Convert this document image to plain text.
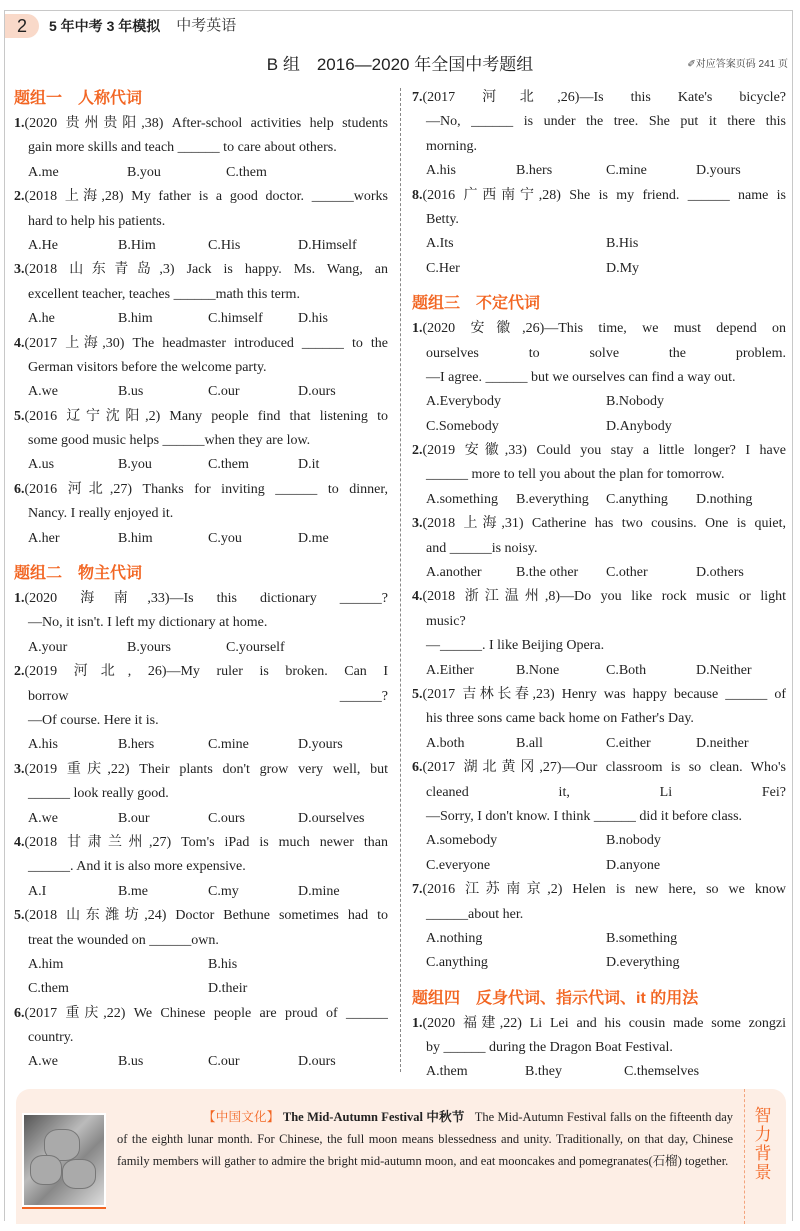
2	5 年中考 3 年模拟 中考英语
B 组　2016—2020 年全国中考题组	✐对应答案页码 241 页
题组一　人称代词
1.(2020 贵州贵阳,38) After-school activities help students
gain more skills and teach ______ to care about others.
A.me	B.you	C.them
2.(2018 上海,28) My father is a good doctor. ______works
hard to help his patients.
A.He	B.Him	C.His	D.Himself
3.(2018 山东青岛,3) Jack is happy. Ms. Wang, an
excellent teacher, teaches ______math this term.
A.he	B.him	C.himself	D.his
4.(2017 上海,30) The headmaster introduced ______ to the
German visitors before the welcome party.
A.we	B.us	C.our	D.ours
5.(2016 辽宁沈阳,2) Many people find that listening to
some good music helps ______when they are low.
A.us	B.you	C.them	D.it
6.(2016 河北,27) Thanks for inviting ______ to dinner,
Nancy. I really enjoyed it.
A.her	B.him	C.you	D.me
题组二　物主代词
1.(2020 海南,33)—Is this dictionary ______?
—No, it isn't. I left my dictionary at home.
A.your	B.yours	C.yourself
2.(2019 河北, 26)—My ruler is broken. Can I
borrow ______?
—Of course. Here it is.
A.his	B.hers	C.mine	D.yours
3.(2019 重庆,22) Their plants don't grow very well, but
______ look really good.
A.we	B.our	C.ours	D.ourselves
4.(2018 甘肃兰州,27) Tom's iPad is much newer than
______. And it is also more expensive.
A.I	B.me	C.my	D.mine
5.(2018 山东潍坊,24) Doctor Bethune sometimes had to
treat the wounded on ______own.
A.him	B.his
C.them	D.their
6.(2017 重庆,22) We Chinese people are proud of ______
country.
A.we	B.us	C.our	D.ours
7.(2017 河北,26)—Is this Kate's bicycle?
—No, ______ is under the tree. She put it there this
morning.
A.his	B.hers	C.mine	D.yours
8.(2016 广西南宁,28) She is my friend. ______ name is
Betty.
A.Its	B.His
C.Her	D.My
题组三　不定代词
1.(2020 安徽,26)—This time, we must depend on
ourselves to solve the problem.
—I agree. ______ but we ourselves can find a way out.
A.Everybody	B.Nobody
C.Somebody	D.Anybody
2.(2019 安徽,33) Could you stay a little longer? I have
______ more to tell you about the plan for tomorrow.
A.something	B.everything	C.anything	D.nothing
3.(2018 上海,31) Catherine has two cousins. One is quiet,
and ______is noisy.
A.another	B.the other	C.other	D.others
4.(2018 浙江温州,8)—Do you like rock music or light
music?
—______. I like Beijing Opera.
A.Either	B.None	C.Both	D.Neither
5.(2017 吉林长春,23) Henry was happy because ______ of
his three sons came back home on Father's Day.
A.both	B.all	C.either	D.neither
6.(2017 湖北黄冈,27)—Our classroom is so clean. Who's
cleaned it, Li Fei?
—Sorry, I don't know. I think ______ did it before class.
A.somebody	B.nobody
C.everyone	D.anyone
7.(2016 江苏南京,2) Helen is new here, so we know
______about her.
A.nothing	B.something
C.anything	D.everything
题组四　反身代词、指示代词、it 的用法
1.(2020 福建,22) Li Lei and his cousin made some zongzi
by ______ during the Dragon Boat Festival.
A.them	B.they	C.themselves
【中国文化】 The Mid-Autumn Festival 中秋节 The Mid-Autumn Festival falls on the fifteenth day of the eighth lunar month. For Chinese, the full moon means blessedness and unity. Traditionally, on that day, Chinese family members will gather to admire the bright mid-autumn moon, and eat mooncakes and pomegranates(石榴) together.
智力背景
